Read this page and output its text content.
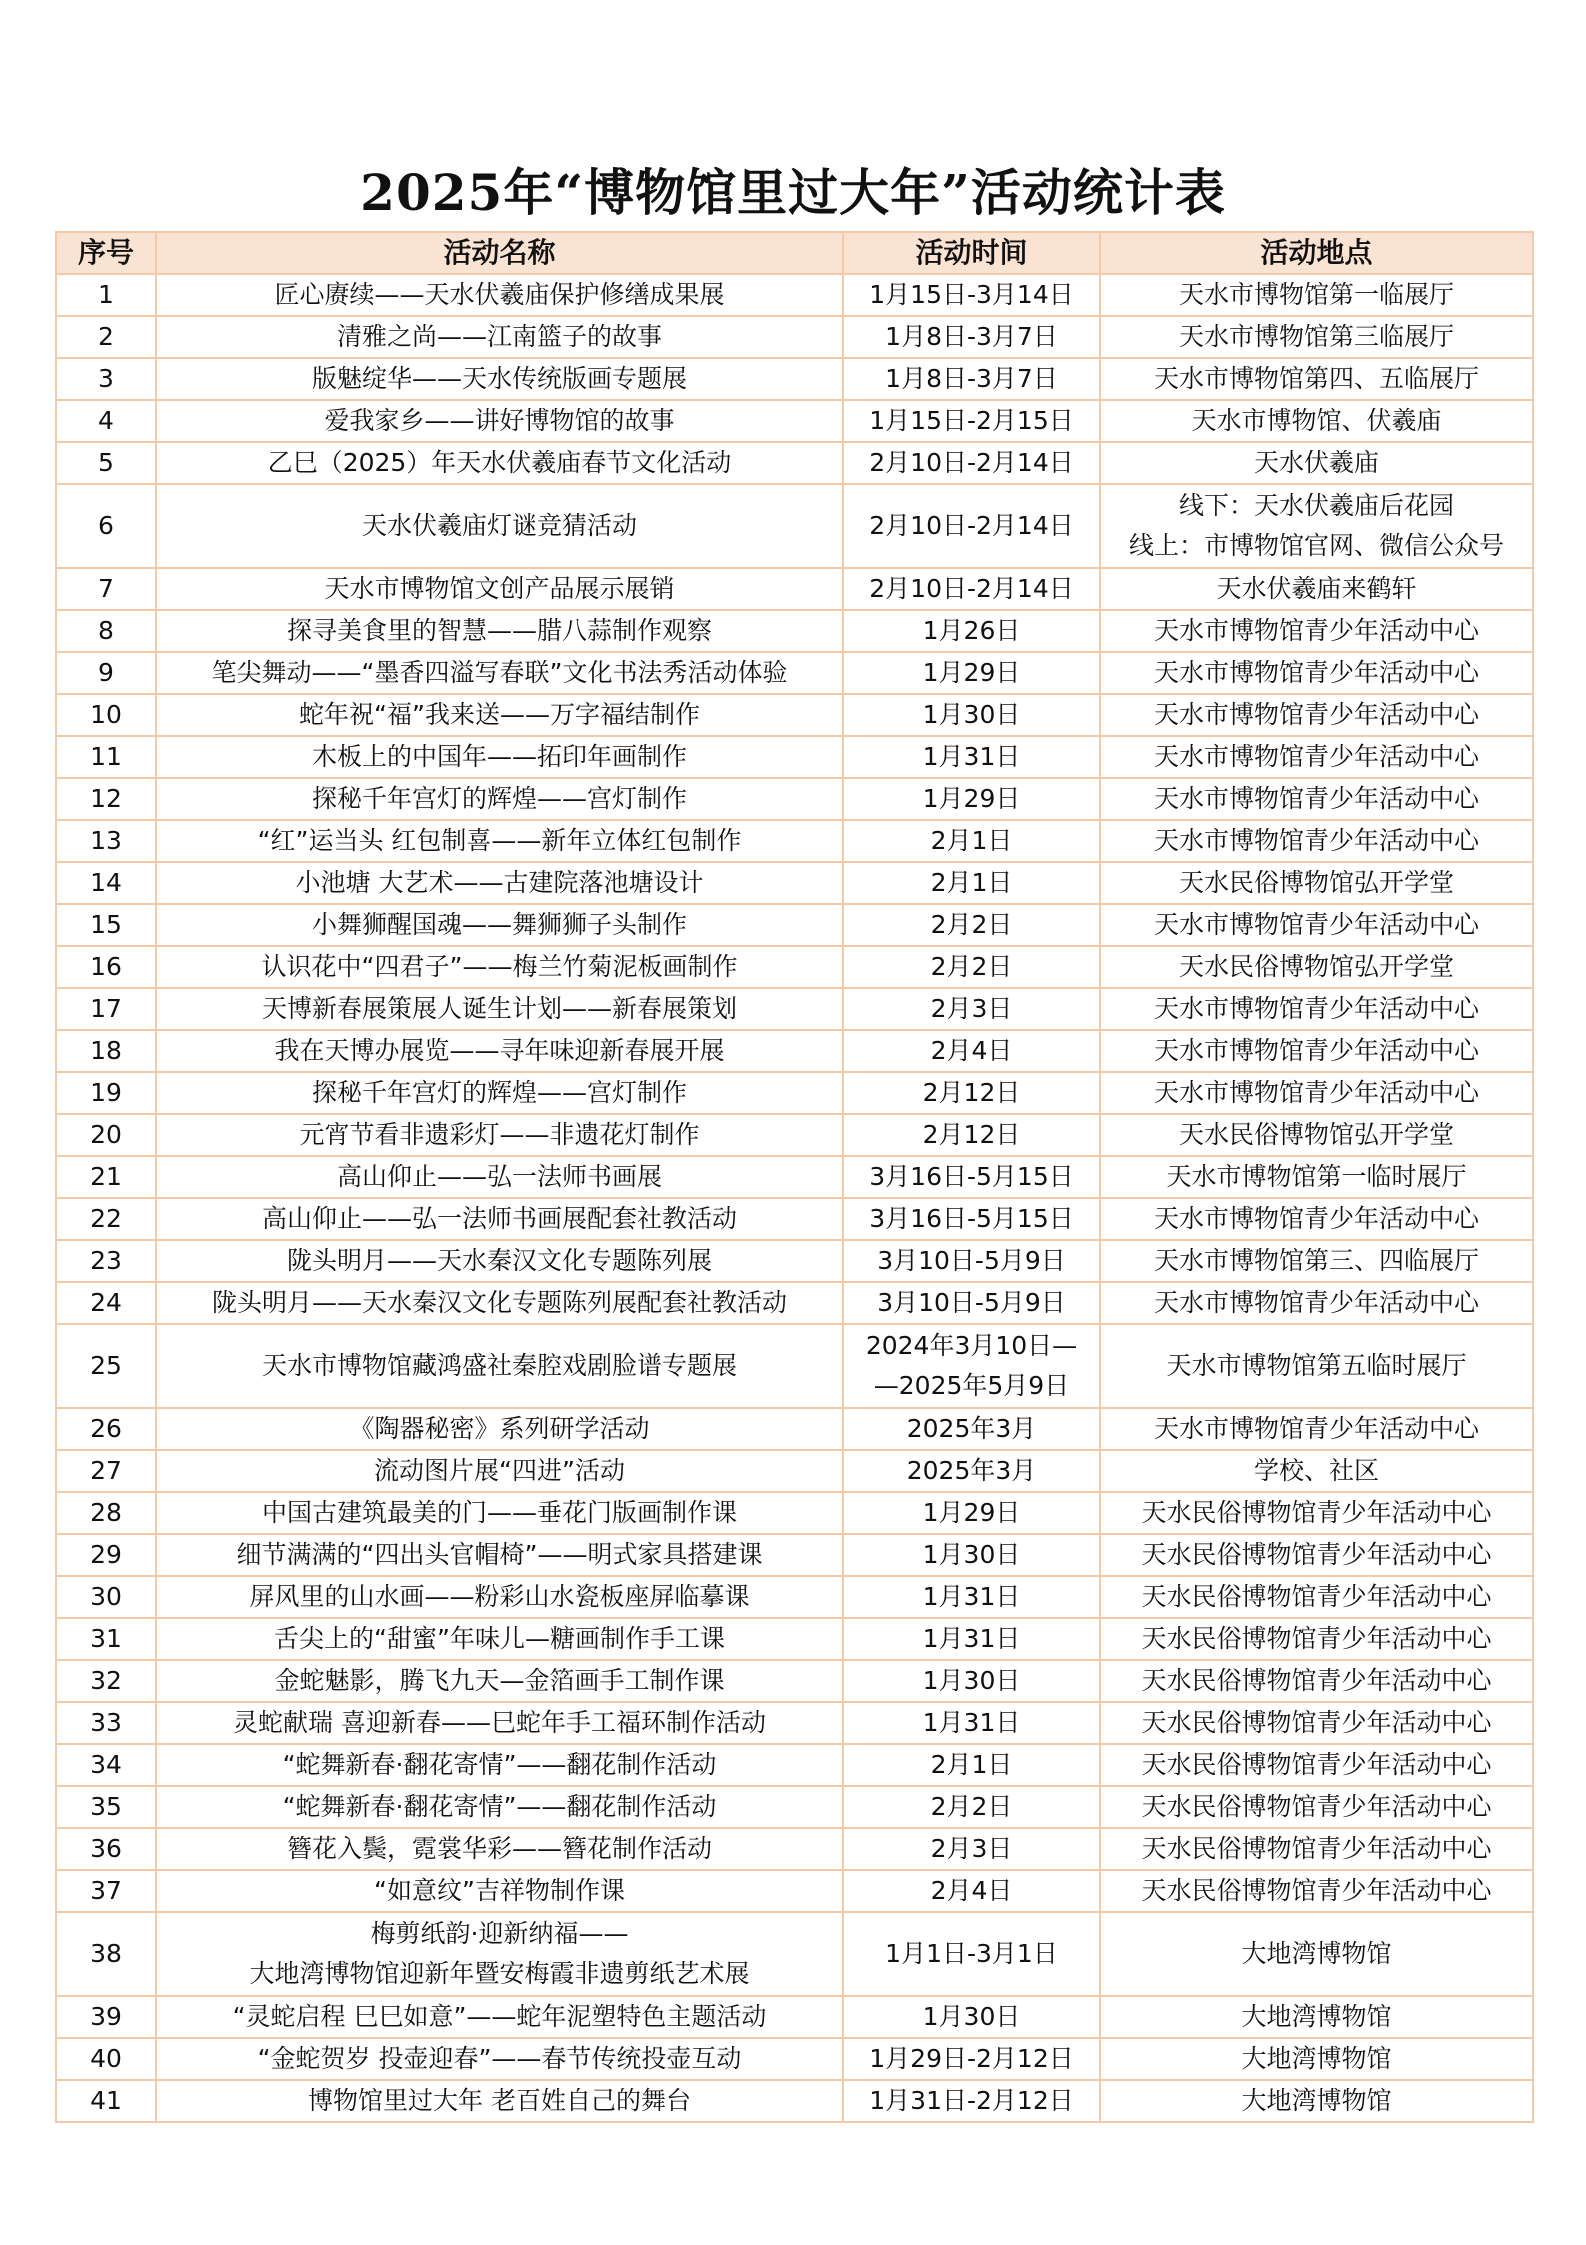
2025年“博物馆里过大年”活动统计表
序号	活动名称	活动时间	活动地点
1	匠心赓续——天水伏羲庙保护修缮成果展	1月15日-3月14日	天水市博物馆第一临展厅

2	清雅之尚——江南篮子的故事	1月8日-3月7日	天水市博物馆第三临展厅

3	版魅绽华——天水传统版画专题展	1月8日-3月7日	天水市博物馆第四、五临展厅

4	爱我家乡——讲好博物馆的故事	1月15日-2月15日	天水市博物馆、伏羲庙

5	乙巳（2025）年天水伏羲庙春节文化活动	2月10日-2月14日	天水伏羲庙

6	天水伏羲庙灯谜竞猜活动	2月10日-2月14日	线下：天水伏羲庙后花园
线上：市博物馆官网、微信公众号

7	天水市博物馆文创产品展示展销	2月10日-2月14日	天水伏羲庙来鹤轩

8	探寻美食里的智慧——腊八蒜制作观察	1月26日	天水市博物馆青少年活动中心

9	笔尖舞动——“墨香四溢写春联”文化书法秀活动体验	1月29日	天水市博物馆青少年活动中心

10	蛇年祝“福”我来送——万字福结制作	1月30日	天水市博物馆青少年活动中心

11	木板上的中国年——拓印年画制作	1月31日	天水市博物馆青少年活动中心

12	探秘千年宫灯的辉煌——宫灯制作	1月29日	天水市博物馆青少年活动中心

13	“红”运当头 红包制喜——新年立体红包制作	2月1日	天水市博物馆青少年活动中心

14	小池塘 大艺术——古建院落池塘设计	2月1日	天水民俗博物馆弘开学堂

15	小舞狮醒国魂——舞狮狮子头制作	2月2日	天水市博物馆青少年活动中心

16	认识花中“四君子”——梅兰竹菊泥板画制作	2月2日	天水民俗博物馆弘开学堂

17	天博新春展策展人诞生计划——新春展策划	2月3日	天水市博物馆青少年活动中心

18	我在天博办展览——寻年味迎新春展开展	2月4日	天水市博物馆青少年活动中心

19	探秘千年宫灯的辉煌——宫灯制作	2月12日	天水市博物馆青少年活动中心

20	元宵节看非遗彩灯——非遗花灯制作	2月12日	天水民俗博物馆弘开学堂

21	高山仰止——弘一法师书画展	3月16日-5月15日	天水市博物馆第一临时展厅

22	高山仰止——弘一法师书画展配套社教活动	3月16日-5月15日	天水市博物馆青少年活动中心

23	陇头明月——天水秦汉文化专题陈列展	3月10日-5月9日	天水市博物馆第三、四临展厅

24	陇头明月——天水秦汉文化专题陈列展配套社教活动	3月10日-5月9日	天水市博物馆青少年活动中心

25	天水市博物馆藏鸿盛社秦腔戏剧脸谱专题展	2024年3月10日—
—2025年5月9日	天水市博物馆第五临时展厅

26	《陶器秘密》系列研学活动	2025年3月	天水市博物馆青少年活动中心

27	流动图片展“四进”活动	2025年3月	学校、社区

28	中国古建筑最美的门——垂花门版画制作课	1月29日	天水民俗博物馆青少年活动中心

29	细节满满的“四出头官帽椅”——明式家具搭建课	1月30日	天水民俗博物馆青少年活动中心

30	屏风里的山水画——粉彩山水瓷板座屏临摹课	1月31日	天水民俗博物馆青少年活动中心

31	舌尖上的“甜蜜”年味儿—糖画制作手工课	1月31日	天水民俗博物馆青少年活动中心

32	金蛇魅影，腾飞九天—金箔画手工制作课	1月30日	天水民俗博物馆青少年活动中心

33	灵蛇献瑞 喜迎新春——巳蛇年手工福环制作活动	1月31日	天水民俗博物馆青少年活动中心

34	“蛇舞新春·翻花寄情”——翻花制作活动	2月1日	天水民俗博物馆青少年活动中心

35	“蛇舞新春·翻花寄情”——翻花制作活动	2月2日	天水民俗博物馆青少年活动中心

36	簪花入鬓，霓裳华彩——簪花制作活动	2月3日	天水民俗博物馆青少年活动中心

37	“如意纹”吉祥物制作课	2月4日	天水民俗博物馆青少年活动中心

38	梅剪纸韵·迎新纳福——
大地湾博物馆迎新年暨安梅霞非遗剪纸艺术展	1月1日-3月1日	大地湾博物馆

39	“灵蛇启程 巳巳如意”——蛇年泥塑特色主题活动	1月30日	大地湾博物馆

40	“金蛇贺岁 投壶迎春”——春节传统投壶互动	1月29日-2月12日	大地湾博物馆

41	博物馆里过大年 老百姓自己的舞台	1月31日-2月12日	大地湾博物馆
